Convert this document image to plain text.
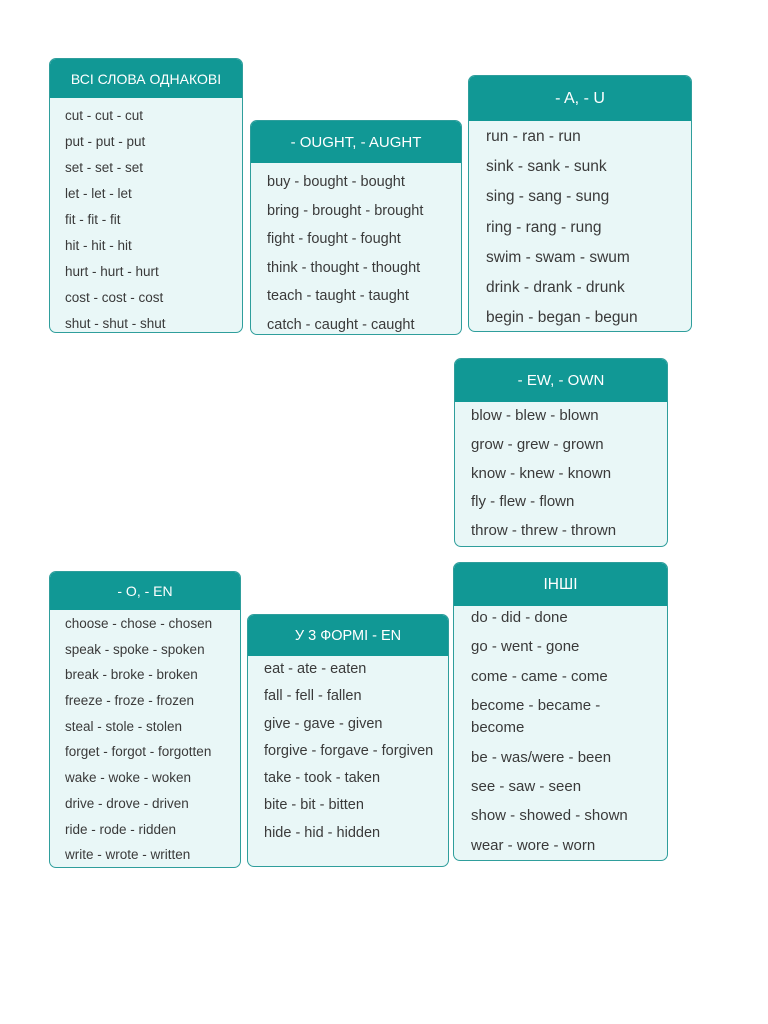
ВСІ СЛОВА ОДНАКОВІ
cut - cut - cut
put - put - put
set - set - set
let - let - let
fit - fit - fit
hit - hit - hit
hurt - hurt - hurt
cost - cost - cost
shut - shut - shut
- OUGHT, - AUGHT
buy - bought - bought
bring - brought - brought
fight - fought - fought
think - thought - thought
teach - taught - taught
catch - caught - caught
- A, - U
run - ran - run
sink - sank - sunk
sing - sang - sung
ring - rang - rung
swim - swam - swum
drink - drank - drunk
begin - began - begun
- EW, - OWN
blow - blew - blown
grow - grew - grown
know - knew - known
fly - flew - flown
throw - threw - thrown
- O, - EN
choose - chose - chosen
speak - spoke - spoken
break - broke - broken
freeze - froze - frozen
steal - stole - stolen
forget - forgot - forgotten
wake - woke - woken
drive - drove - driven
ride - rode - ridden
write - wrote - written
У 3 ФОРМІ - EN
eat - ate - eaten
fall - fell - fallen
give - gave - given
forgive - forgave - forgiven
take - took - taken
bite - bit - bitten
hide - hid - hidden
ІНШІ
do - did - done
go - went - gone
come - came - come
become - became - become
be - was/were - been
see - saw - seen
show - showed - shown
wear - wore - worn
